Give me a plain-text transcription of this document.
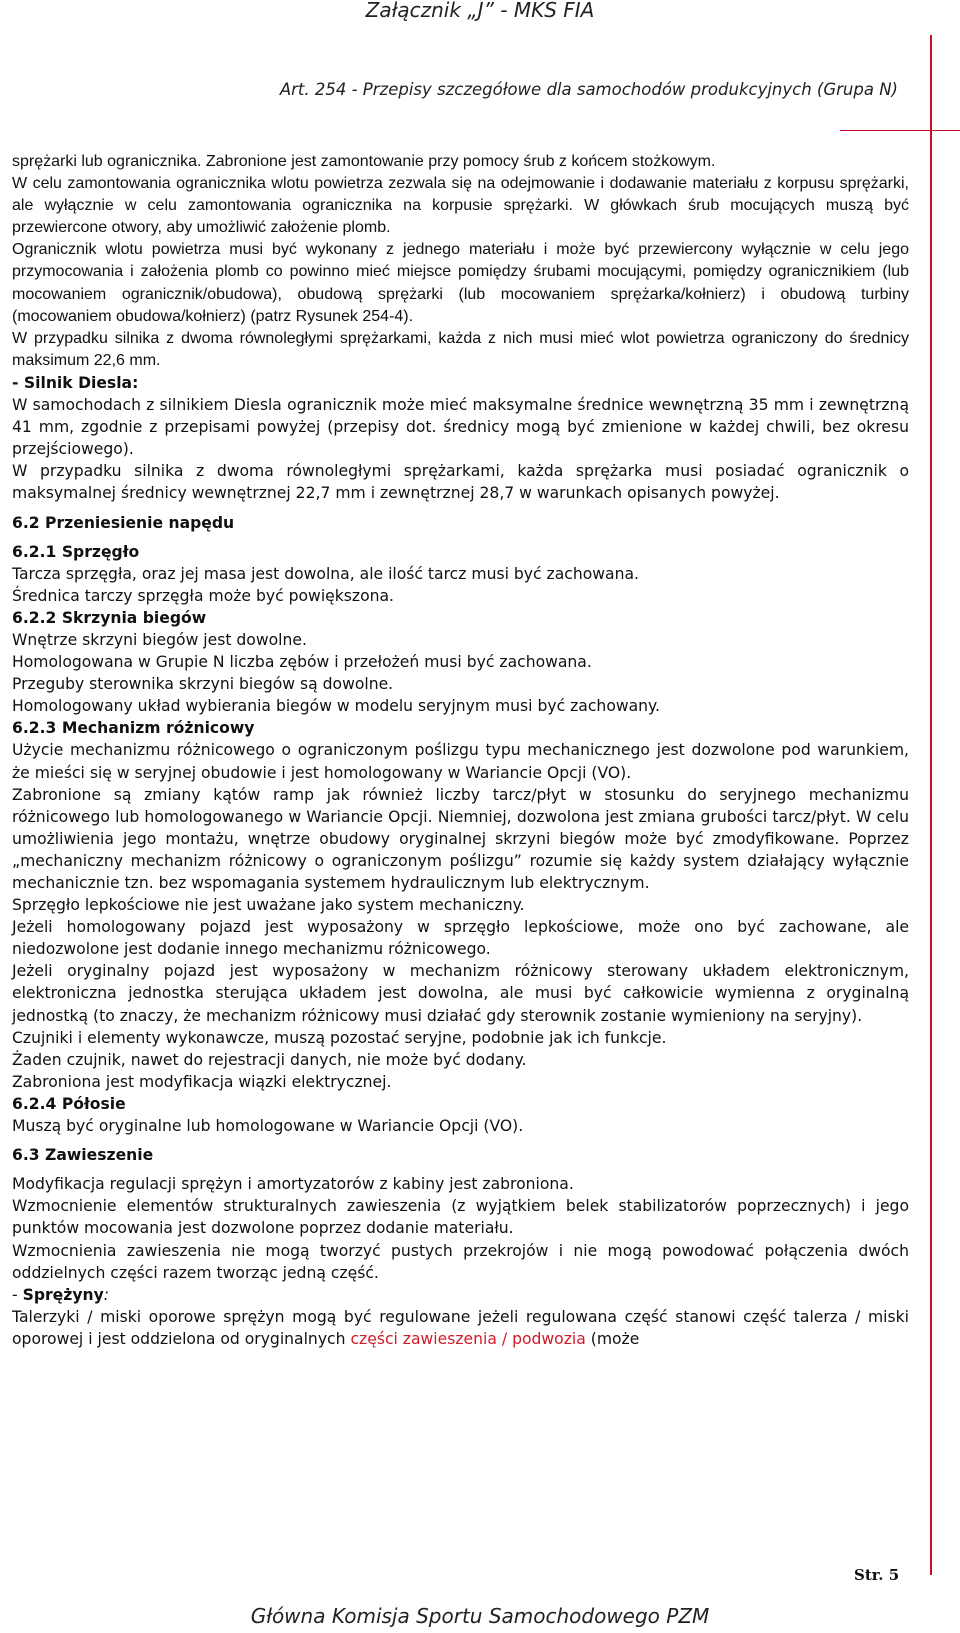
Załącznik „J” - MKS FIA
Art. 254 - Przepisy szczegółowe dla samochodów produkcyjnych (Grupa N)

sprężarki lub ogranicznika. Zabronione jest zamontowanie przy pomocy śrub z końcem stożkowym.

W celu zamontowania ogranicznika wlotu powietrza zezwala się na odejmowanie i dodawanie materiału z korpusu sprężarki, ale wyłącznie w celu zamontowania ogranicznika na korpusie sprężarki. W główkach śrub mocujących muszą być przewiercone otwory, aby umożliwić założenie plomb.

Ogranicznik wlotu powietrza musi być wykonany z jednego materiału i może być przewiercony wyłącznie w celu jego przymocowania i założenia plomb co powinno mieć miejsce pomiędzy śrubami mocującymi, pomiędzy ogranicznikiem (lub mocowaniem ogranicznik/obudowa), obudową sprężarki (lub mocowaniem sprężarka/kołnierz) i obudową turbiny (mocowaniem obudowa/kołnierz) (patrz Rysunek 254-4).

W przypadku silnika z dwoma równoległymi sprężarkami, każda z nich musi mieć wlot powietrza ograniczony do średnicy maksimum 22,6 mm.

- Silnik Diesla:

W samochodach z silnikiem Diesla ogranicznik może mieć maksymalne średnice wewnętrzną 35 mm i zewnętrzną 41 mm, zgodnie z przepisami powyżej (przepisy dot. średnicy mogą być zmienione w każdej chwili, bez okresu przejściowego).

W przypadku silnika z dwoma równoległymi sprężarkami, każda sprężarka musi posiadać ogranicznik o maksymalnej średnicy wewnętrznej 22,7 mm i zewnętrznej 28,7 w warunkach opisanych powyżej.

6.2 Przeniesienie napędu
6.2.1 Sprzęgło

Tarcza sprzęgła, oraz jej masa jest dowolna, ale ilość tarcz musi być zachowana.

Średnica tarczy sprzęgła może być powiększona.

6.2.2 Skrzynia biegów

Wnętrze skrzyni biegów jest dowolne.

Homologowana w Grupie N liczba zębów i przełożeń musi być zachowana.

Przeguby sterownika skrzyni biegów są dowolne.

Homologowany układ wybierania biegów w modelu seryjnym musi być zachowany.

6.2.3 Mechanizm różnicowy

Użycie mechanizmu różnicowego o ograniczonym poślizgu typu mechanicznego jest dozwolone pod warunkiem, że mieści się w seryjnej obudowie i jest homologowany w Wariancie Opcji (VO).

Zabronione są zmiany kątów ramp jak również liczby tarcz/płyt w stosunku do seryjnego mechanizmu różnicowego lub homologowanego w Wariancie Opcji. Niemniej, dozwolona jest zmiana grubości tarcz/płyt. W celu umożliwienia jego montażu, wnętrze obudowy oryginalnej skrzyni biegów może być zmodyfikowane. Poprzez „mechaniczny mechanizm różnicowy o ograniczonym poślizgu” rozumie się każdy system działający wyłącznie mechanicznie tzn. bez wspomagania systemem hydraulicznym lub elektrycznym.

Sprzęgło lepkościowe nie jest uważane jako system mechaniczny.

Jeżeli homologowany pojazd jest wyposażony w sprzęgło lepkościowe, może ono być zachowane, ale niedozwolone jest dodanie innego mechanizmu różnicowego.

Jeżeli oryginalny pojazd jest wyposażony w mechanizm różnicowy sterowany układem elektronicznym, elektroniczna jednostka sterująca układem jest dowolna, ale musi być całkowicie wymienna z oryginalną jednostką (to znaczy, że mechanizm różnicowy musi działać gdy sterownik zostanie wymieniony na seryjny).

Czujniki i elementy wykonawcze, muszą pozostać seryjne, podobnie jak ich funkcje.

Żaden czujnik, nawet do rejestracji danych, nie może być dodany.

Zabroniona jest modyfikacja wiązki elektrycznej.

6.2.4 Półosie

Muszą być oryginalne lub homologowane w Wariancie Opcji (VO).

6.3 Zawieszenie

Modyfikacja regulacji sprężyn i amortyzatorów z kabiny jest zabroniona.

Wzmocnienie elementów strukturalnych zawieszenia (z wyjątkiem belek stabilizatorów poprzecznych) i jego punktów mocowania jest dozwolone poprzez dodanie materiału.

Wzmocnienia zawieszenia nie mogą tworzyć pustych przekrojów i nie mogą powodować połączenia dwóch oddzielnych części razem tworząc jedną część.

- Sprężyny:

Talerzyki / miski oporowe sprężyn mogą być regulowane jeżeli regulowana część stanowi część talerza / miski oporowej i jest oddzielona od oryginalnych części zawieszenia / podwozia (może

Str. 5
Główna Komisja Sportu Samochodowego PZM
